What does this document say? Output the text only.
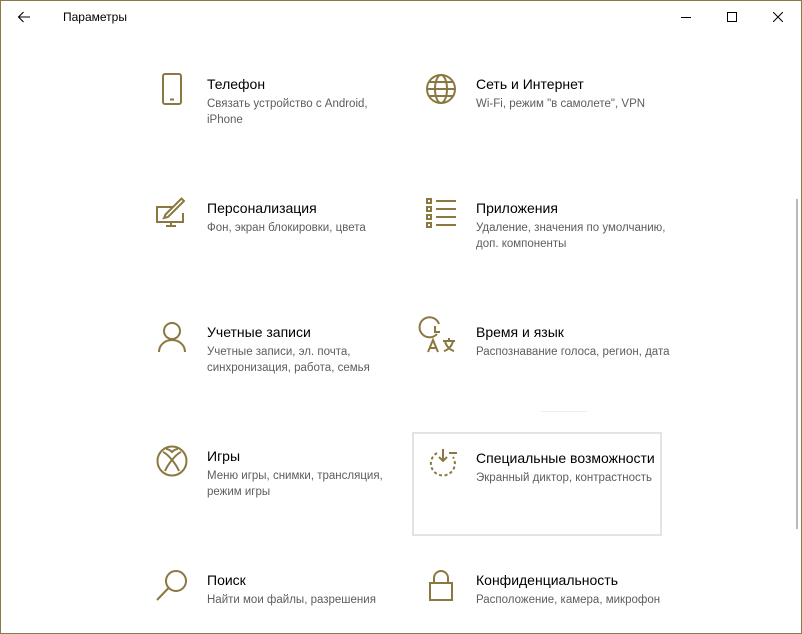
Параметры
Телефон
Связать устройство с Android, iPhone
Сеть и Интернет
Wi-Fi, режим "в самолете", VPN
Персонализация
Фон, экран блокировки, цвета
Приложения
Удаление, значения по умолчанию, доп. компоненты
Учетные записи
Учетные записи, эл. почта, синхронизация, работа, семья
Время и язык
Распознавание голоса, регион, дата
Игры
Меню игры, снимки, трансляция, режим игры
Специальные возможности
Экранный диктор, контрастность
Поиск
Найти мои файлы, разрешения
Конфиденциальность
Расположение, камера, микрофон
